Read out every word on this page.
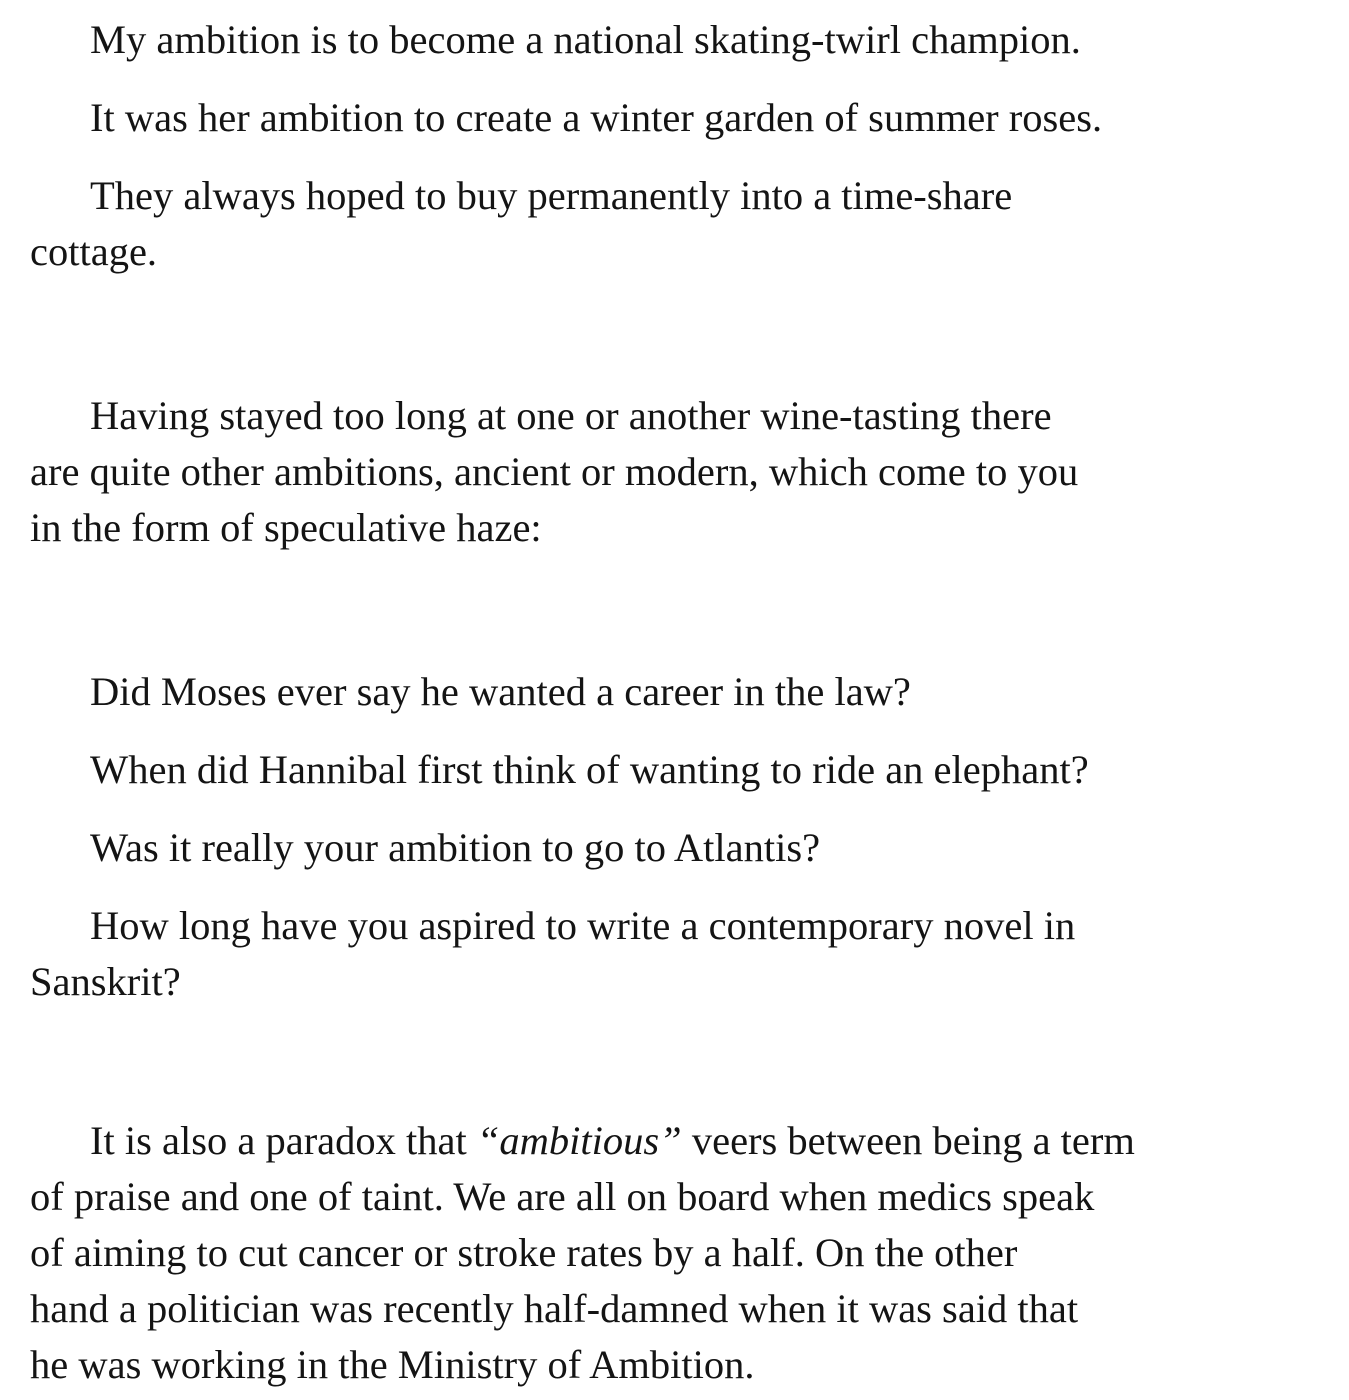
My ambition is to become a national skating-twirl champion.

It was her ambition to create a winter garden of summer roses.

They always hoped to buy permanently into a time-share
cottage.

Having stayed too long at one or another wine-tasting there
are quite other ambitions, ancient or modern, which come to you
in the form of speculative haze:

Did Moses ever say he wanted a career in the law?

When did Hannibal first think of wanting to ride an elephant?

Was it really your ambition to go to Atlantis?

How long have you aspired to write a contemporary novel in
Sanskrit?

It is also a paradox that “ambitious” veers between being a term
of praise and one of taint. We are all on board when medics speak
of aiming to cut cancer or stroke rates by a half. On the other
hand a politician was recently half-damned when it was said that
he was working in the Ministry of Ambition.
